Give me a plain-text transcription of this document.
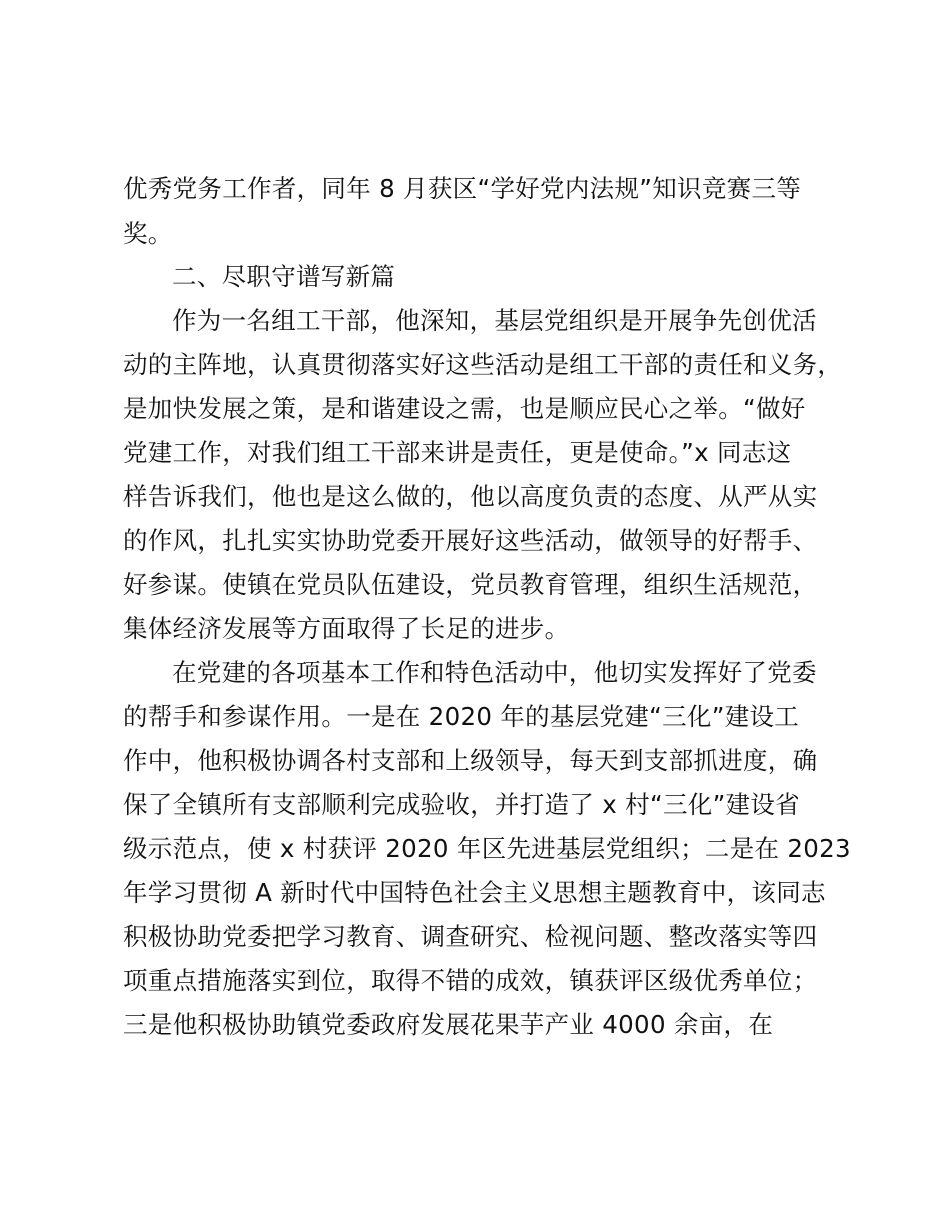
优秀党务工作者，同年 8 月获区“学好党内法规”知识竞赛三等
奖。
二、尽职守谱写新篇
作为一名组工干部，他深知，基层党组织是开展争先创优活
动的主阵地，认真贯彻落实好这些活动是组工干部的责任和义务，
是加快发展之策，是和谐建设之需，也是顺应民心之举。“做好
党建工作，对我们组工干部来讲是责任，更是使命。”x 同志这
样告诉我们，他也是这么做的，他以高度负责的态度、从严从实
的作风，扎扎实实协助党委开展好这些活动，做领导的好帮手、
好参谋。使镇在党员队伍建设，党员教育管理，组织生活规范，
集体经济发展等方面取得了长足的进步。
在党建的各项基本工作和特色活动中，他切实发挥好了党委
的帮手和参谋作用。一是在 2020 年的基层党建“三化”建设工
作中，他积极协调各村支部和上级领导，每天到支部抓进度，确
保了全镇所有支部顺利完成验收，并打造了 x 村“三化”建设省
级示范点，使 x 村获评 2020 年区先进基层党组织；二是在 2023
年学习贯彻 A 新时代中国特色社会主义思想主题教育中，该同志
积极协助党委把学习教育、调查研究、检视问题、整改落实等四
项重点措施落实到位，取得不错的成效，镇获评区级优秀单位；
三是他积极协助镇党委政府发展花果芋产业 4000 余亩，在
